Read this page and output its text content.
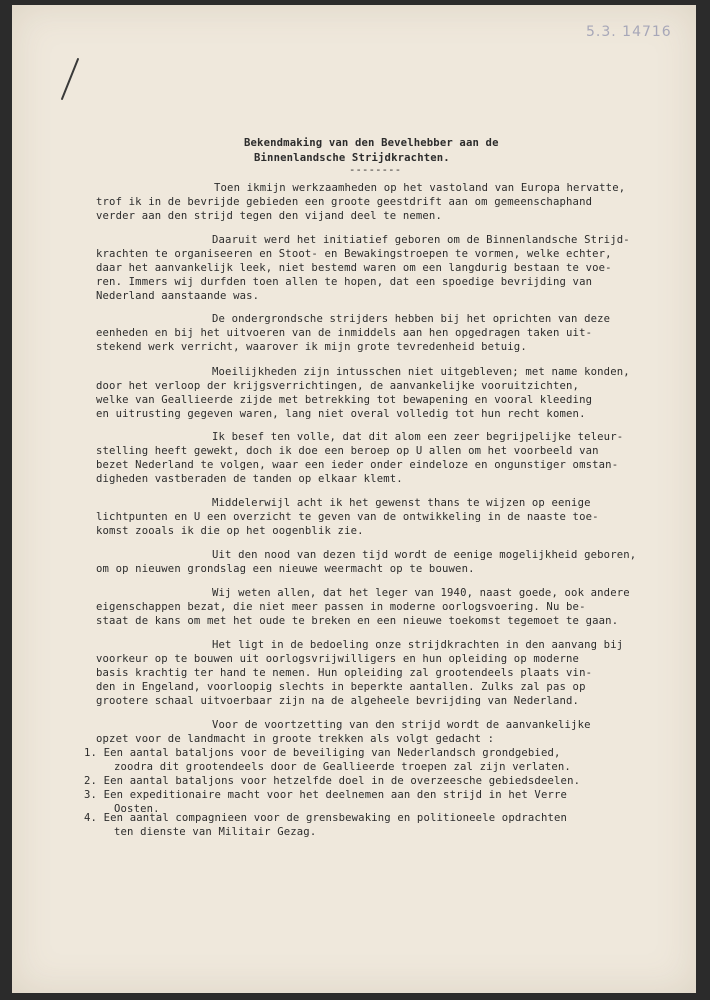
5.3. 14716

Bekendmaking van den Bevelhebber aan de

Binnenlandsche Strijdkrachten.

--------

Toen ikmijn werkzaamheden op het vastoland van Europa hervatte,

trof ik in de bevrijde gebieden een groote geestdrift aan om gemeenschaphand

verder aan den strijd tegen den vijand deel te nemen.

Daaruit werd het initiatief geboren om de Binnenlandsche Strijd-

krachten te organiseeren en Stoot- en Bewakingstroepen te vormen, welke echter,

daar het aanvankelijk leek, niet bestemd waren om een langdurig bestaan te voe-

ren. Immers wij durfden toen allen te hopen, dat een spoedige bevrijding van

Nederland aanstaande was.

De ondergrondsche strijders hebben bij het oprichten van deze

eenheden en bij het uitvoeren van de inmiddels aan hen opgedragen taken uit-

stekend werk verricht, waarover ik mijn grote tevredenheid betuig.

Moeilijkheden zijn intusschen niet uitgebleven; met name konden,

door het verloop der krijgsverrichtingen, de aanvankelijke vooruitzichten,

welke van Geallieerde zijde met betrekking tot bewapening en vooral kleeding

en uitrusting gegeven waren, lang niet overal volledig tot hun recht komen.

Ik besef ten volle, dat dit alom een zeer begrijpelijke teleur-

stelling heeft gewekt, doch ik doe een beroep op U allen om het voorbeeld van

bezet Nederland te volgen, waar een ieder onder eindeloze en ongunstiger omstan-

digheden vastberaden de tanden op elkaar klemt.

Middelerwijl acht ik het gewenst thans te wijzen op eenige

lichtpunten en U een overzicht te geven van de ontwikkeling in de naaste toe-

komst zooals ik die op het oogenblik zie.

Uit den nood van dezen tijd wordt de eenige mogelijkheid geboren,

om op nieuwen grondslag een nieuwe weermacht op te bouwen.

Wij weten allen, dat het leger van 1940, naast goede, ook andere

eigenschappen bezat, die niet meer passen in moderne oorlogsvoering. Nu be-

staat de kans om met het oude te breken en een nieuwe toekomst tegemoet te gaan.

Het ligt in de bedoeling onze strijdkrachten in den aanvang bij

voorkeur op te bouwen uit oorlogsvrijwilligers en hun opleiding op moderne

basis krachtig ter hand te nemen. Hun opleiding zal grootendeels plaats vin-

den in Engeland, voorloopig slechts in beperkte aantallen. Zulks zal pas op

grootere schaal uitvoerbaar zijn na de algeheele bevrijding van Nederland.

Voor de voortzetting van den strijd wordt de aanvankelijke

opzet voor de landmacht in groote trekken als volgt gedacht :

1. Een aantal bataljons voor de beveiliging van Nederlandsch grondgebied,

zoodra dit grootendeels door de Geallieerde troepen zal zijn verlaten.

2. Een aantal bataljons voor hetzelfde doel in de overzeesche gebiedsdeelen.

3. Een expeditionaire macht voor het deelnemen aan den strijd in het Verre

Oosten.

4. Een aantal compagnieen voor de grensbewaking en politioneele opdrachten

ten dienste van Militair Gezag.
